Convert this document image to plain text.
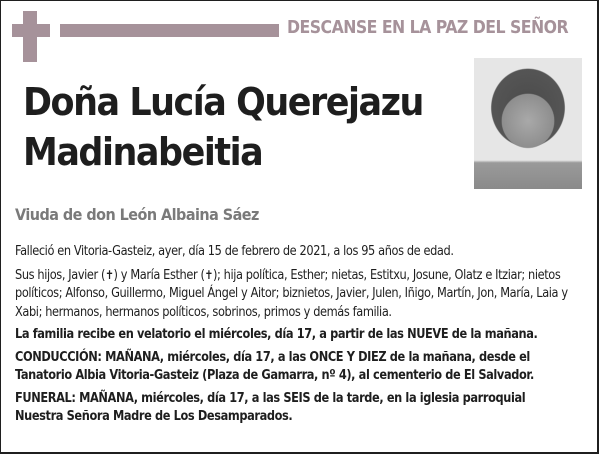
DESCANSE EN LA PAZ DEL SEÑOR
Doña Lucía Querejazu
Madinabeitia
Viuda de don León Albaina Sáez

Falleció en Vitoria-Gasteiz, ayer, día 15 de febrero de 2021, a los 95 años de edad.

Sus hijos, Javier (✝) y María Esther (✝); hija política, Esther; nietas, Estitxu, Josune, Olatz e Itziar; nietos políticos; Alfonso, Guillermo, Miguel Ángel y Aitor; biznietos, Javier, Julen, Iñigo, Martín, Jon, María, Laia y Xabi; hermanos, hermanos políticos, sobrinos, primos y demás familia.

La familia recibe en velatorio el miércoles, día 17, a partir de las NUEVE de la mañana.

CONDUCCIÓN: MAÑANA, miércoles, día 17, a las ONCE Y DIEZ de la mañana, desde el Tanatorio Albia Vitoria-Gasteiz (Plaza de Gamarra, nº 4), al cementerio de El Salvador.

FUNERAL: MAÑANA, miércoles, día 17, a las SEIS de la tarde, en la iglesia parroquial Nuestra Señora Madre de Los Desamparados.
